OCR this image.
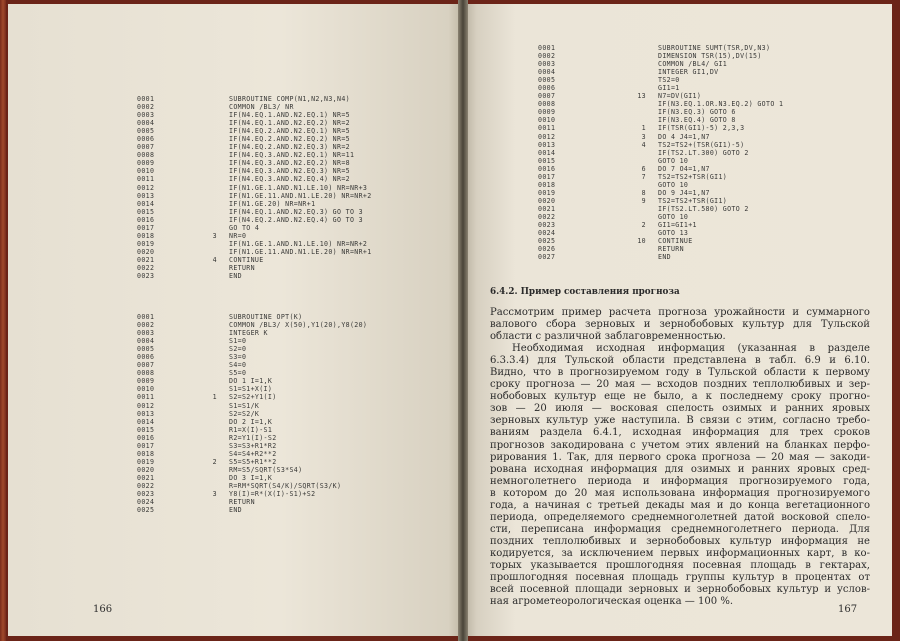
0001	SUBROUTINE COMP(N1,N2,N3,N4)
0002	COMMON /BL3/ NR
0003	IF(N4.EQ.1.AND.N2.EQ.1) NR=5
0004	IF(N4.EQ.1.AND.N2.EQ.2) NR=2
0005	IF(N4.EQ.2.AND.N2.EQ.1) NR=5
0006	IF(N4.EQ.2.AND.N2.EQ.2) NR=5
0007	IF(N4.EQ.2.AND.N2.EQ.3) NR=2
0008	IF(N4.EQ.3.AND.N2.EQ.1) NR=11
0009	IF(N4.EQ.3.AND.N2.EQ.2) NR=8
0010	IF(N4.EQ.3.AND.N2.EQ.3) NR=5
0011	IF(N4.EQ.3.AND.N2.EQ.4) NR=2
0012	IF(N1.GE.1.AND.N1.LE.10) NR=NR+3
0013	IF(N1.GE.11.AND.N1.LE.20) NR=NR+2
0014	IF(N1.GE.20) NR=NR+1
0015	IF(N4.EQ.1.AND.N2.EQ.3) GO TO 3
0016	IF(N4.EQ.2.AND.N2.EQ.4) GO TO 3
0017	GO TO 4
0018	3 NR=0
0019	IF(N1.GE.1.AND.N1.LE.10) NR=NR+2
0020	IF(N1.GE.11.AND.N1.LE.20) NR=NR+1
0021	4 CONTINUE
0022	RETURN
0023	END
0001	SUBROUTINE OPT(K)
0002	COMMON /BL3/ X(50),Y1(20),Y8(20)
0003	INTEGER K
0004	S1=0
0005	S2=0
0006	S3=0
0007	S4=0
0008	S5=0
0009	DO 1 I=1,K
0010	S1=S1+X(I)
0011	1 S2=S2+Y1(I)
0012	S1=S1/K
0013	S2=S2/K
0014	DO 2 I=1,K
0015	R1=X(I)-S1
0016	R2=Y1(I)-S2
0017	S3=S3+R1*R2
0018	S4=S4+R2**2
0019	2 S5=S5+R1**2
0020	RM=S5/SQRT(S3*S4)
0021	DO 3 I=1,K
0022	R=RM*SQRT(S4/K)/SQRT(S3/K)
0023	3 Y8(I)=R*(X(I)-S1)+S2
0024	RETURN
0025	END
166
0001	SUBROUTINE SUMT(TSR,DV,N3)
0002	DIMENSION TSR(15),DV(15)
0003	COMMON /BL4/ GI1
0004	INTEGER GI1,DV
0005	TS2=0
0006	GI1=1
0007	13 N7=DV(GI1)
0008	IF(N3.EQ.1.OR.N3.EQ.2) GOTO 1
0009	IF(N3.EQ.3) GOTO 6
0010	IF(N3.EQ.4) GOTO 8
0011	1 IF(TSR(GI1)-5) 2,3,3
0012	3 DO 4 J4=1,N7
0013	4 TS2=TS2+(TSR(GI1)-5)
0014	IF(TS2.LT.300) GOTO 2
0015	GOTO 10
0016	6 DO 7 O4=1,N7
0017	7 TS2=TS2+TSR(GI1)
0018	GOTO 10
0019	8 DO 9 J4=1,N7
0020	9 TS2=TS2+TSR(GI1)
0021	IF(TS2.LT.580) GOTO 2
0022	GOTO 10
0023	2 GI1=GI1+1
0024	GOTO 13
0025	10 CONTINUE
0026	RETURN
0027	END
6.4.2. Пример составления прогноза

Рассмотрим пример расчета прогноза урожайности и суммарного
валового сбора зерновых и зернобобовых культур для Тульской
области с различной заблаговременностью.

Необходимая исходная информация (указанная в разделе
6.3.3.4) для Тульской области представлена в табл. 6.9 и 6.10.
Видно, что в прогнозируемом году в Тульской области к первому
сроку прогноза — 20 мая — всходов поздних теплолюбивых и зер-
нобобовых культур еще не было, а к последнему сроку прогно-
зов — 20 июля — восковая спелость озимых и ранних яровых
зерновых культур уже наступила. В связи с этим, согласно требо-
ваниям раздела 6.4.1, исходная информация для трех сроков
прогнозов закодирована с учетом этих явлений на бланках перфо-
рирования 1. Так, для первого срока прогноза — 20 мая — закоди-
рована исходная информация для озимых и ранних яровых сред-
немноголетнего периода и информация прогнозируемого года,
в котором до 20 мая использована информация прогнозируемого
года, а начиная с третьей декады мая и до конца вегетационного
периода, определяемого среднемноголетней датой восковой спело-
сти, переписана информация среднемноголетнего периода. Для
поздних теплолюбивых и зернобобовых культур информация не
кодируется, за исключением первых информационных карт, в ко-
торых указывается прошлогодняя посевная площадь в гектарах,
прошлогодняя посевная площадь группы культур в процентах от
всей посевной площади зерновых и зернобобовых культур и услов-
ная агрометеорологическая оценка — 100 %.

167
